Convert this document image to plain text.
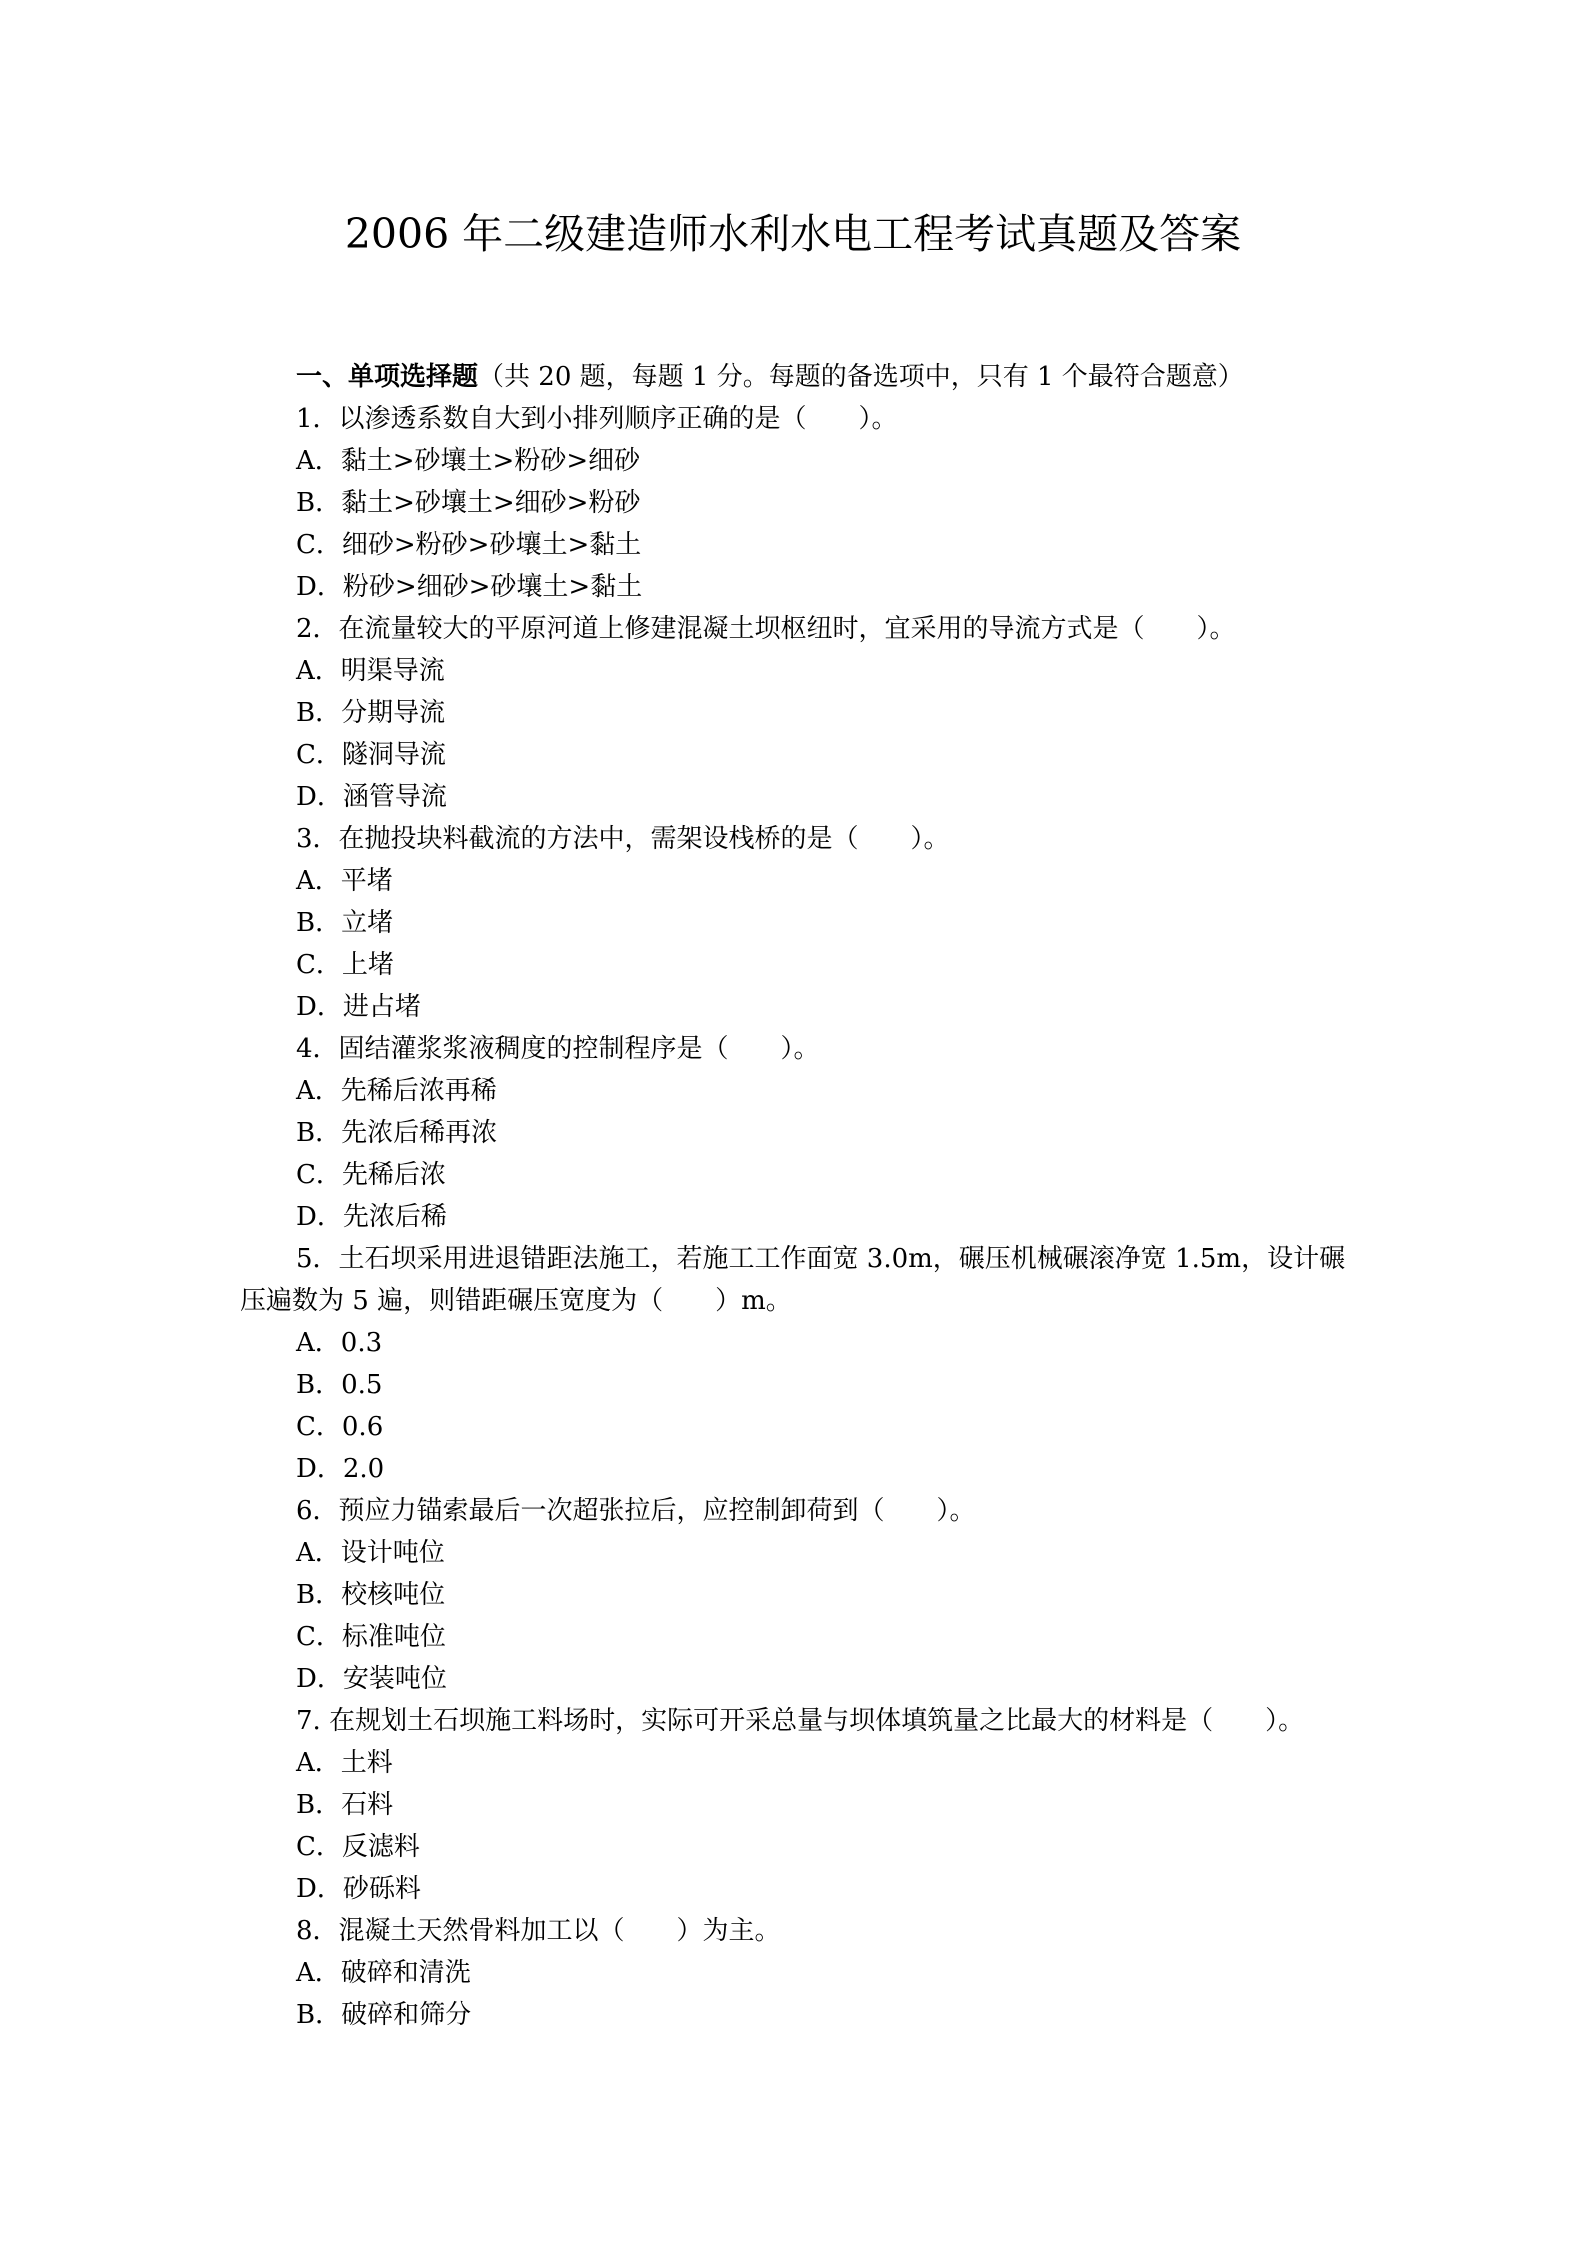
2006 年二级建造师水利水电工程考试真题及答案
一、单项选择题（共 20 题，每题 1 分。每题的备选项中，只有 1 个最符合题意）
1．以渗透系数自大到小排列顺序正确的是（　　）。
A．黏土>砂壤土>粉砂>细砂
B．黏土>砂壤土>细砂>粉砂
C．细砂>粉砂>砂壤土>黏土
D．粉砂>细砂>砂壤土>黏土
2．在流量较大的平原河道上修建混凝土坝枢纽时，宜采用的导流方式是（　　）。
A．明渠导流
B．分期导流
C．隧洞导流
D．涵管导流
3．在抛投块料截流的方法中，需架设栈桥的是（　　）。
A．平堵
B．立堵
C．上堵
D．进占堵
4．固结灌浆浆液稠度的控制程序是（　　）。
A．先稀后浓再稀
B．先浓后稀再浓
C．先稀后浓
D．先浓后稀
5．土石坝采用进退错距法施工，若施工工作面宽 3.0m，碾压机械碾滚净宽 1.5m，设计碾压遍数为 5 遍，则错距碾压宽度为（　　）m。
A．0.3
B．0.5
C．0.6
D．2.0
6．预应力锚索最后一次超张拉后，应控制卸荷到（　　）。
A．设计吨位
B．校核吨位
C．标准吨位
D．安装吨位
7. 在规划土石坝施工料场时，实际可开采总量与坝体填筑量之比最大的材料是（　　）。
A．土料
B．石料
C．反滤料
D．砂砾料
8．混凝土天然骨料加工以（　　）为主。
A．破碎和清洗
B．破碎和筛分
